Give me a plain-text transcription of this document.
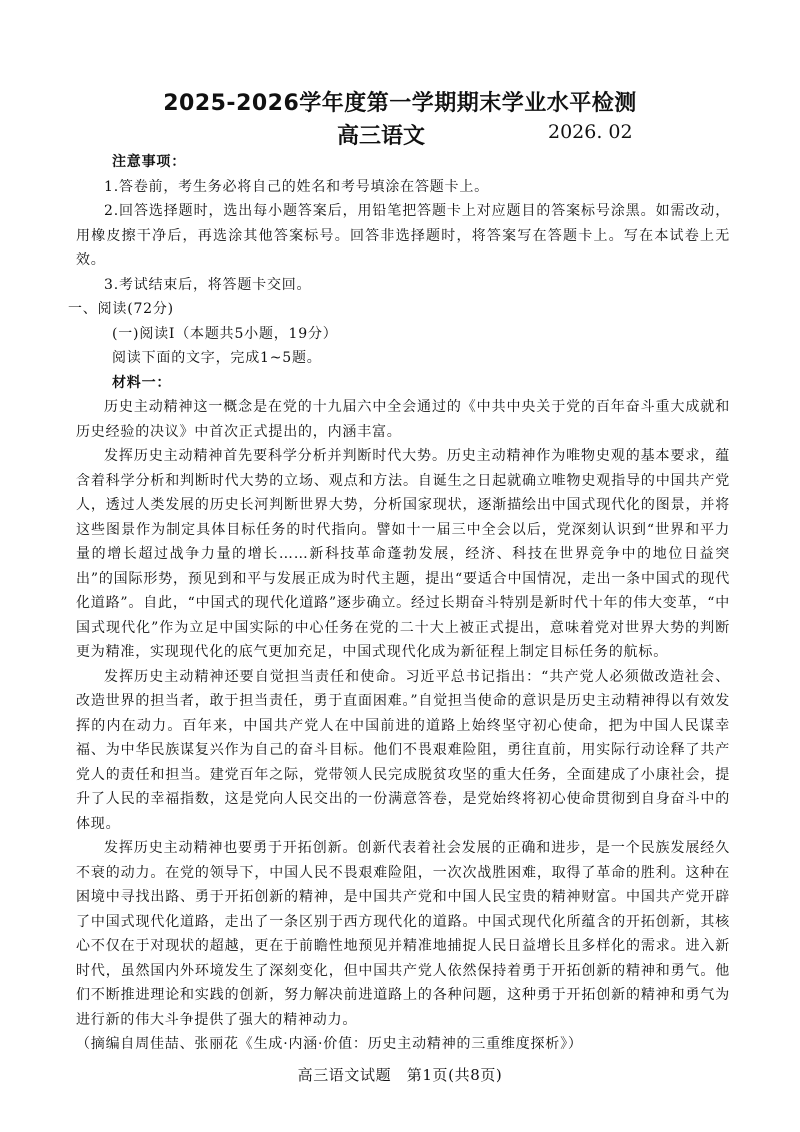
2025-2026学年度第一学期期末学业水平检测
高三语文	2026. 02

注意事项：

1.答卷前，考生务必将自己的姓名和考号填涂在答题卡上。

2.回答选择题时，选出每小题答案后，用铅笔把答题卡上对应题目的答案标号涂黑。如需改动，用橡皮擦干净后，再选涂其他答案标号。回答非选择题时，将答案写在答题卡上。写在本试卷上无效。

3.考试结束后，将答题卡交回。

一、阅读(72分)

(一)阅读Ⅰ（本题共5小题，19分）

阅读下面的文字，完成1~5题。

材料一：

历史主动精神这一概念是在党的十九届六中全会通过的《中共中央关于党的百年奋斗重大成就和历史经验的决议》中首次正式提出的，内涵丰富。

发挥历史主动精神首先要科学分析并判断时代大势。历史主动精神作为唯物史观的基本要求，蕴含着科学分析和判断时代大势的立场、观点和方法。自诞生之日起就确立唯物史观指导的中国共产党人，透过人类发展的历史长河判断世界大势，分析国家现状，逐渐描绘出中国式现代化的图景，并将这些图景作为制定具体目标任务的时代指向。譬如十一届三中全会以后，党深刻认识到“世界和平力量的增长超过战争力量的增长……新科技革命蓬勃发展，经济、科技在世界竞争中的地位日益突出”的国际形势，预见到和平与发展正成为时代主题，提出“要适合中国情况，走出一条中国式的现代化道路”。自此，“中国式的现代化道路”逐步确立。经过长期奋斗特别是新时代十年的伟大变革，“中国式现代化”作为立足中国实际的中心任务在党的二十大上被正式提出，意味着党对世界大势的判断更为精准，实现现代化的底气更加充足，中国式现代化成为新征程上制定目标任务的航标。

发挥历史主动精神还要自觉担当责任和使命。习近平总书记指出：“共产党人必须做改造社会、改造世界的担当者，敢于担当责任，勇于直面困难。”自觉担当使命的意识是历史主动精神得以有效发挥的内在动力。百年来，中国共产党人在中国前进的道路上始终坚守初心使命，把为中国人民谋幸福、为中华民族谋复兴作为自己的奋斗目标。他们不畏艰难险阻，勇往直前，用实际行动诠释了共产党人的责任和担当。建党百年之际，党带领人民完成脱贫攻坚的重大任务，全面建成了小康社会，提升了人民的幸福指数，这是党向人民交出的一份满意答卷，是党始终将初心使命贯彻到自身奋斗中的体现。

发挥历史主动精神也要勇于开拓创新。创新代表着社会发展的正确和进步，是一个民族发展经久不衰的动力。在党的领导下，中国人民不畏艰难险阻，一次次战胜困难，取得了革命的胜利。这种在困境中寻找出路、勇于开拓创新的精神，是中国共产党和中国人民宝贵的精神财富。中国共产党开辟了中国式现代化道路，走出了一条区别于西方现代化的道路。中国式现代化所蕴含的开拓创新，其核心不仅在于对现状的超越，更在于前瞻性地预见并精准地捕捉人民日益增长且多样化的需求。进入新时代，虽然国内外环境发生了深刻变化，但中国共产党人依然保持着勇于开拓创新的精神和勇气。他们不断推进理论和实践的创新，努力解决前进道路上的各种问题，这种勇于开拓创新的精神和勇气为进行新的伟大斗争提供了强大的精神动力。

（摘编自周佳喆、张丽花《生成·内涵·价值：历史主动精神的三重维度探析》）

高三语文试题　第1页(共8页)
